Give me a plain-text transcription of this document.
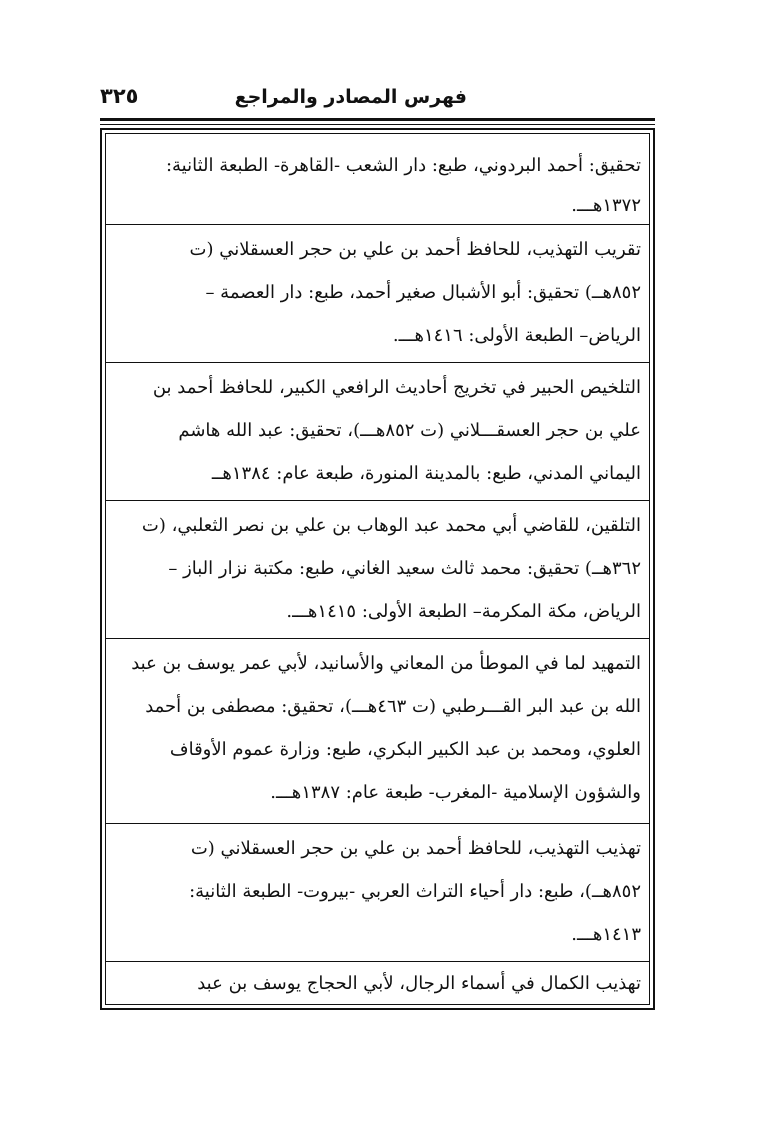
فهرس المصادر والمراجع
٣٢٥
تحقيق: أحمد البردوني، طبع: دار الشعب -القاهرة- الطبعة الثانية:
١٣٧٢هـــ.
تقريب التهذيب، للحافظ أحمد بن علي بن حجر العسقلاني (ت
٨٥٢هــ) تحقيق: أبو الأشبال صغير أحمد، طبع: دار العصمة –
الرياض– الطبعة الأولى: ١٤١٦هـــ.
التلخيص الحبير في تخريج أحاديث الرافعي الكبير، للحافظ أحمد بن
علي بن حجر العسقـــلاني (ت ٨٥٢هـــ)، تحقيق: عبد الله هاشم
اليماني المدني، طبع: بالمدينة المنورة، طبعة عام: ١٣٨٤هــ
التلقين، للقاضي أبي محمد عبد الوهاب بن علي بن نصر الثعلبي، (ت
٣٦٢هــ) تحقيق: محمد ثالث سعيد الغاني، طبع: مكتبة نزار الباز –
الرياض، مكة المكرمة– الطبعة الأولى: ١٤١٥هـــ.
التمهيد لما في الموطأ من المعاني والأسانيد، لأبي عمر يوسف بن عبد
الله بن عبد البر القـــرطبي (ت ٤٦٣هـــ)، تحقيق: مصطفى بن أحمد
العلوي، ومحمد بن عبد الكبير البكري، طبع: وزارة عموم الأوقاف
والشؤون الإسلامية -المغرب- طبعة عام: ١٣٨٧هـــ.
تهذيب التهذيب، للحافظ أحمد بن علي بن حجر العسقلاني (ت
٨٥٢هــ)، طبع: دار أحياء التراث العربي -بيروت- الطبعة الثانية:
١٤١٣هـــ.
تهذيب الكمال في أسماء الرجال، لأبي الحجاج يوسف بن عبد
